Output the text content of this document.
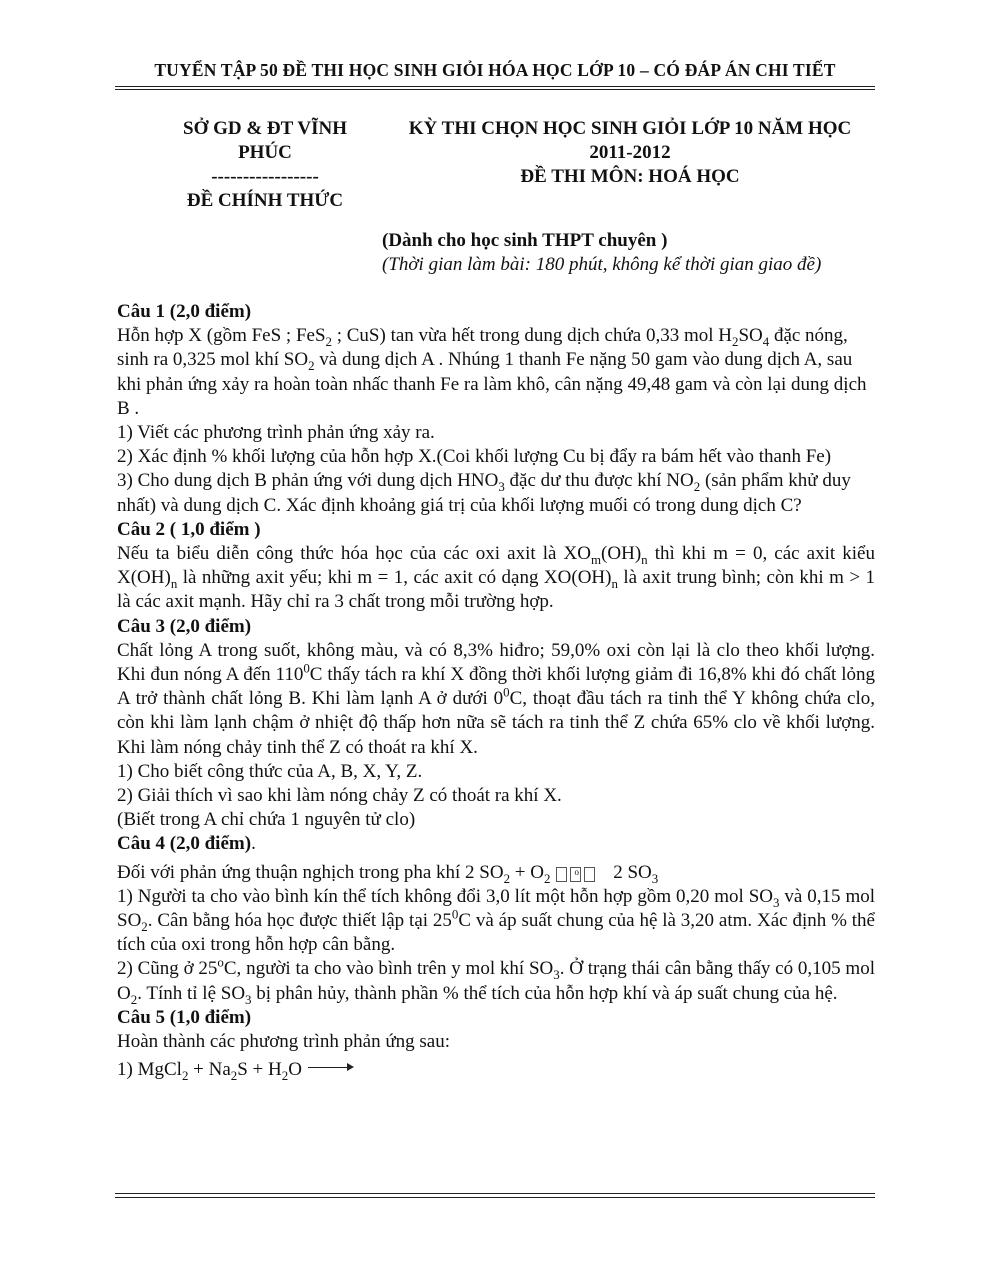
TUYỂN TẬP 50 ĐỀ THI HỌC SINH GIỎI HÓA HỌC LỚP 10 – CÓ ĐÁP ÁN CHI TIẾT
SỞ GD & ĐT VĨNH
PHÚC
-----------------
ĐỀ CHÍNH THỨC
KỲ THI CHỌN HỌC SINH GIỎI LỚP 10 NĂM HỌC
2011-2012
ĐỀ THI MÔN: HOÁ HỌC
(Dành cho học sinh THPT chuyên )
(Thời gian làm bài: 180 phút, không kể thời gian giao đề)

Câu 1 (2,0 điểm)

Hỗn hợp X (gồm FeS ; FeS$_2$ ; CuS) tan vừa hết trong dung dịch chứa 0,33 mol $H_2SO_4$ đặc nóng, sinh ra 0,325 mol khí $SO_2$ và dung dịch A . Nhúng 1 thanh Fe nặng 50 gam vào dung dịch A, sau khi phản ứng xảy ra hoàn toàn nhấc thanh Fe ra làm khô, cân nặng 49,48 gam và còn lại dung dịch B .

1) Viết các phương trình phản ứng xảy ra.

2) Xác định % khối lượng của hỗn hợp X.(Coi khối lượng Cu bị đẩy ra bám hết vào thanh Fe)

3) Cho dung dịch B phản ứng với dung dịch $HNO_3$ đặc dư thu được khí $NO_2$ (sản phẩm khử duy nhất) và dung dịch C. Xác định khoảng giá trị của khối lượng muối có trong dung dịch C?

Câu 2 ( 1,0 điểm )

Nếu ta biểu diễn công thức hóa học của các oxi axit là $XO_m(OH)_n$ thì khi m = 0, các axit kiểu $X(OH)_n$ là những axit yếu; khi m = 1, các axit có dạng $XO(OH)_n$ là axit trung bình; còn khi m > 1 là các axit mạnh. Hãy chỉ ra 3 chất trong mỗi trường hợp.

Câu 3 (2,0 điểm)

Chất lỏng A trong suốt, không màu, và có 8,3% hiđro; 59,0% oxi còn lại là clo theo khối lượng. Khi đun nóng A đến $110^0C$ thấy tách ra khí X đồng thời khối lượng giảm đi 16,8% khi đó chất lỏng A trở thành chất lỏng B. Khi làm lạnh A ở dưới $0^0C$, thoạt đầu tách ra tinh thể Y không chứa clo, còn khi làm lạnh chậm ở nhiệt độ thấp hơn nữa sẽ tách ra tinh thể Z chứa 65% clo về khối lượng. Khi làm nóng chảy tinh thể Z có thoát ra khí X.

1) Cho biết công thức của A, B, X, Y, Z.

2) Giải thích vì sao khi làm nóng chảy Z có thoát ra khí X.

(Biết trong A chỉ chứa 1 nguyên tử clo)

Câu 4 (2,0 điểm).

Đối với phản ứng thuận nghịch trong pha khí 2 $SO_2 + O_2$	o 2 $SO_3$

1) Người ta cho vào bình kín thể tích không đổi 3,0 lít một hỗn hợp gồm 0,20 mol $SO_3$ và 0,15 mol $SO_2$. Cân bằng hóa học được thiết lập tại $25^0C$ và áp suất chung của hệ là 3,20 atm. Xác định % thể tích của oxi trong hỗn hợp cân bằng.

2) Cũng ở 25$^o$C, người ta cho vào bình trên y mol khí $SO_3$. Ở trạng thái cân bằng thấy có 0,105 mol $O_2$. Tính tỉ lệ $SO_3$ bị phân hủy, thành phần % thể tích của hỗn hợp khí và áp suất chung của hệ.

Câu 5 (1,0 điểm)

Hoàn thành các phương trình phản ứng sau:

1) MgCl$_2$ + $Na_2S + H_2O$
